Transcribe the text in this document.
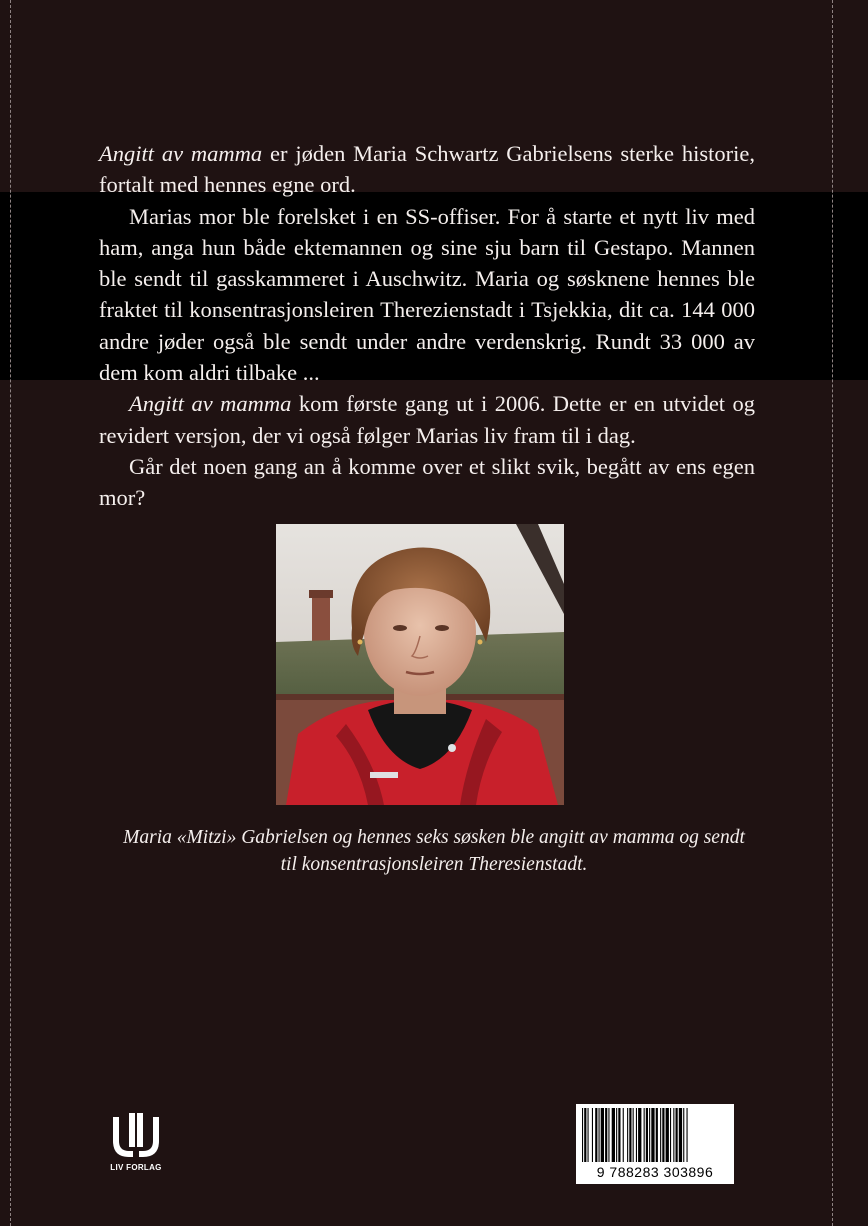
Angitt av mamma er jøden Maria Schwartz Gabrielsens sterke historie, fortalt med hennes egne ord.

Marias mor ble forelsket i en SS-offiser. For å starte et nytt liv med ham, anga hun både ektemannen og sine sju barn til Gestapo. Mannen ble sendt til gasskammeret i Auschwitz. Maria og søsknene hennes ble fraktet til konsentrasjonsleiren Therezienstadt i Tsjekkia, dit ca. 144 000 andre jøder også ble sendt under andre verdenskrig. Rundt 33 000 av dem kom aldri tilbake ...

Angitt av mamma kom første gang ut i 2006. Dette er en utvidet og revidert versjon, der vi også følger Marias liv fram til i dag.

Går det noen gang an å komme over et slikt svik, begått av ens egen mor?

Maria «Mitzi» Gabrielsen og hennes seks søsken ble angitt av mamma og sendt
til konsentrasjonsleiren Theresienstadt.
LIV FORLAG	9 788283 303896
